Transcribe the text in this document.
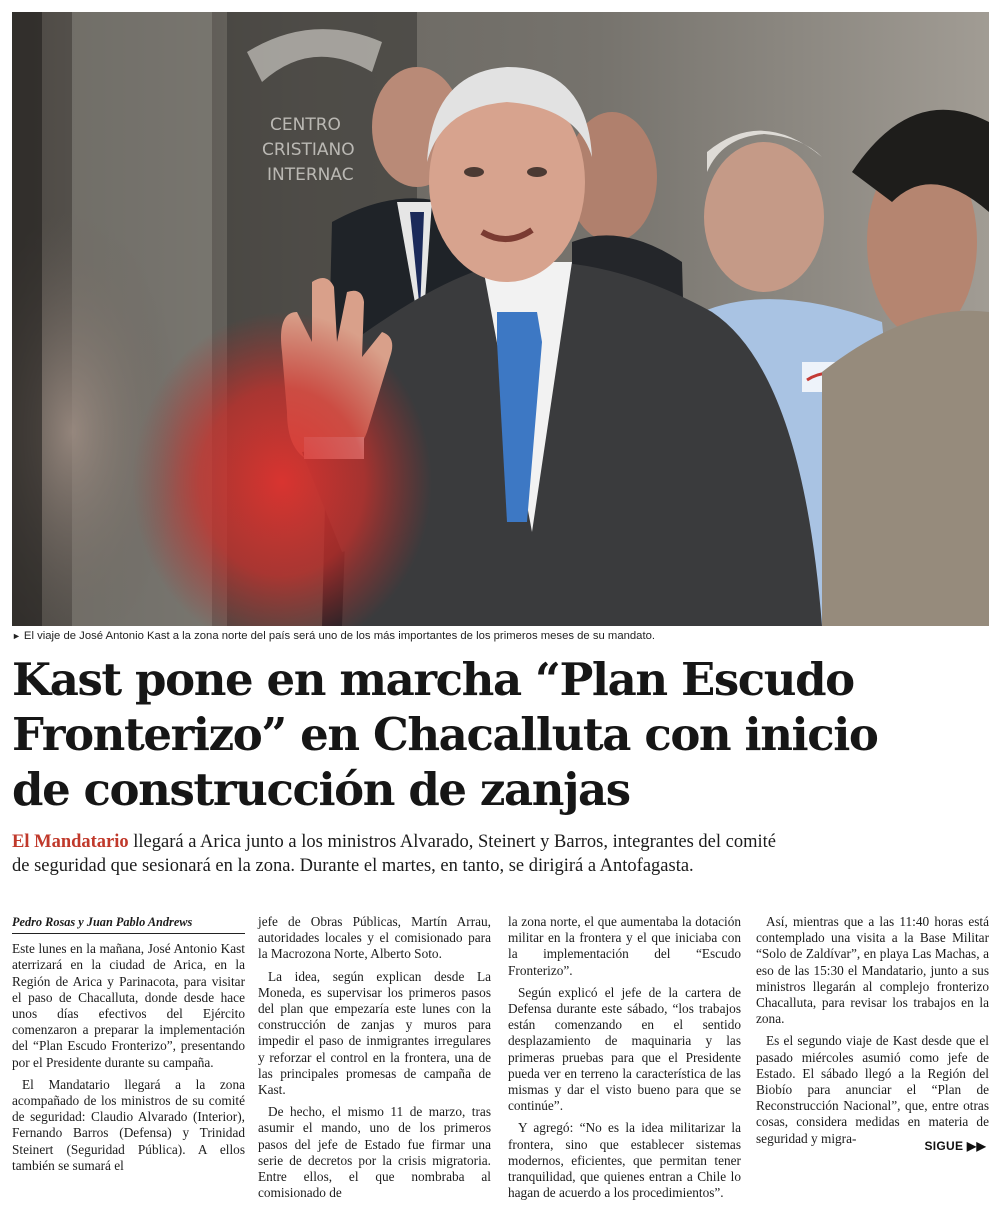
CENTRO
CRISTIANO
INTERNAC
► El viaje de José Antonio Kast a la zona norte del país será uno de los más importantes de los primeros meses de su mandato.
Kast pone en marcha “Plan Escudo
Fronterizo” en Chacalluta con inicio
de construcción de zanjas
El Mandatario llegará a Arica junto a los ministros Alvarado, Steinert y Barros, integrantes del comité
de seguridad que sesionará en la zona. Durante el martes, en tanto, se dirigirá a Antofagasta.
Pedro Rosas y Juan Pablo Andrews

Este lunes en la mañana, José Antonio Kast aterrizará en la ciudad de Arica, en la Región de Arica y Parinacota, para visitar el paso de Chacalluta, donde desde hace unos días efectivos del Ejército comenzaron a preparar la implementación del “Plan Escudo Fronterizo”, presentando por el Presidente durante su campaña.

El Mandatario llegará a la zona acompañado de los ministros de su comité de seguridad: Claudio Alvarado (Interior), Fernando Barros (Defensa) y Trinidad Steinert (Seguridad Pública). A ellos también se sumará el

jefe de Obras Públicas, Martín Arrau, autoridades locales y el comisionado para la Macrozona Norte, Alberto Soto.

La idea, según explican desde La Moneda, es supervisar los primeros pasos del plan que empezaría este lunes con la construcción de zanjas y muros para impedir el paso de inmigrantes irregulares y reforzar el control en la frontera, una de las principales promesas de campaña de Kast.

De hecho, el mismo 11 de marzo, tras asumir el mando, uno de los primeros pasos del jefe de Estado fue firmar una serie de decretos por la crisis migratoria. Entre ellos, el que nombraba al comisionado de

la zona norte, el que aumentaba la dotación militar en la frontera y el que iniciaba con la implementación del “Escudo Fronterizo”.

Según explicó el jefe de la cartera de Defensa durante este sábado, “los trabajos están comenzando en el sentido desplazamiento de maquinaria y las primeras pruebas para que el Presidente pueda ver en terreno la característica de las mismas y dar el visto bueno para que se continúe”.

Y agregó: “No es la idea militarizar la frontera, sino que establecer sistemas modernos, eficientes, que permitan tener tranquilidad, que quienes entran a Chile lo hagan de acuerdo a los procedimientos”.

Así, mientras que a las 11:40 horas está contemplado una visita a la Base Militar “Solo de Zaldívar”, en playa Las Machas, a eso de las 15:30 el Mandatario, junto a sus ministros llegarán al complejo fronterizo Chacalluta, para revisar los trabajos en la zona.

Es el segundo viaje de Kast desde que el pasado miércoles asumió como jefe de Estado. El sábado llegó a la Región del Biobío para anunciar el “Plan de Reconstrucción Nacional”, que, entre otras cosas, considera medidas en materia de seguridad y migra-

SIGUE ▶▶
